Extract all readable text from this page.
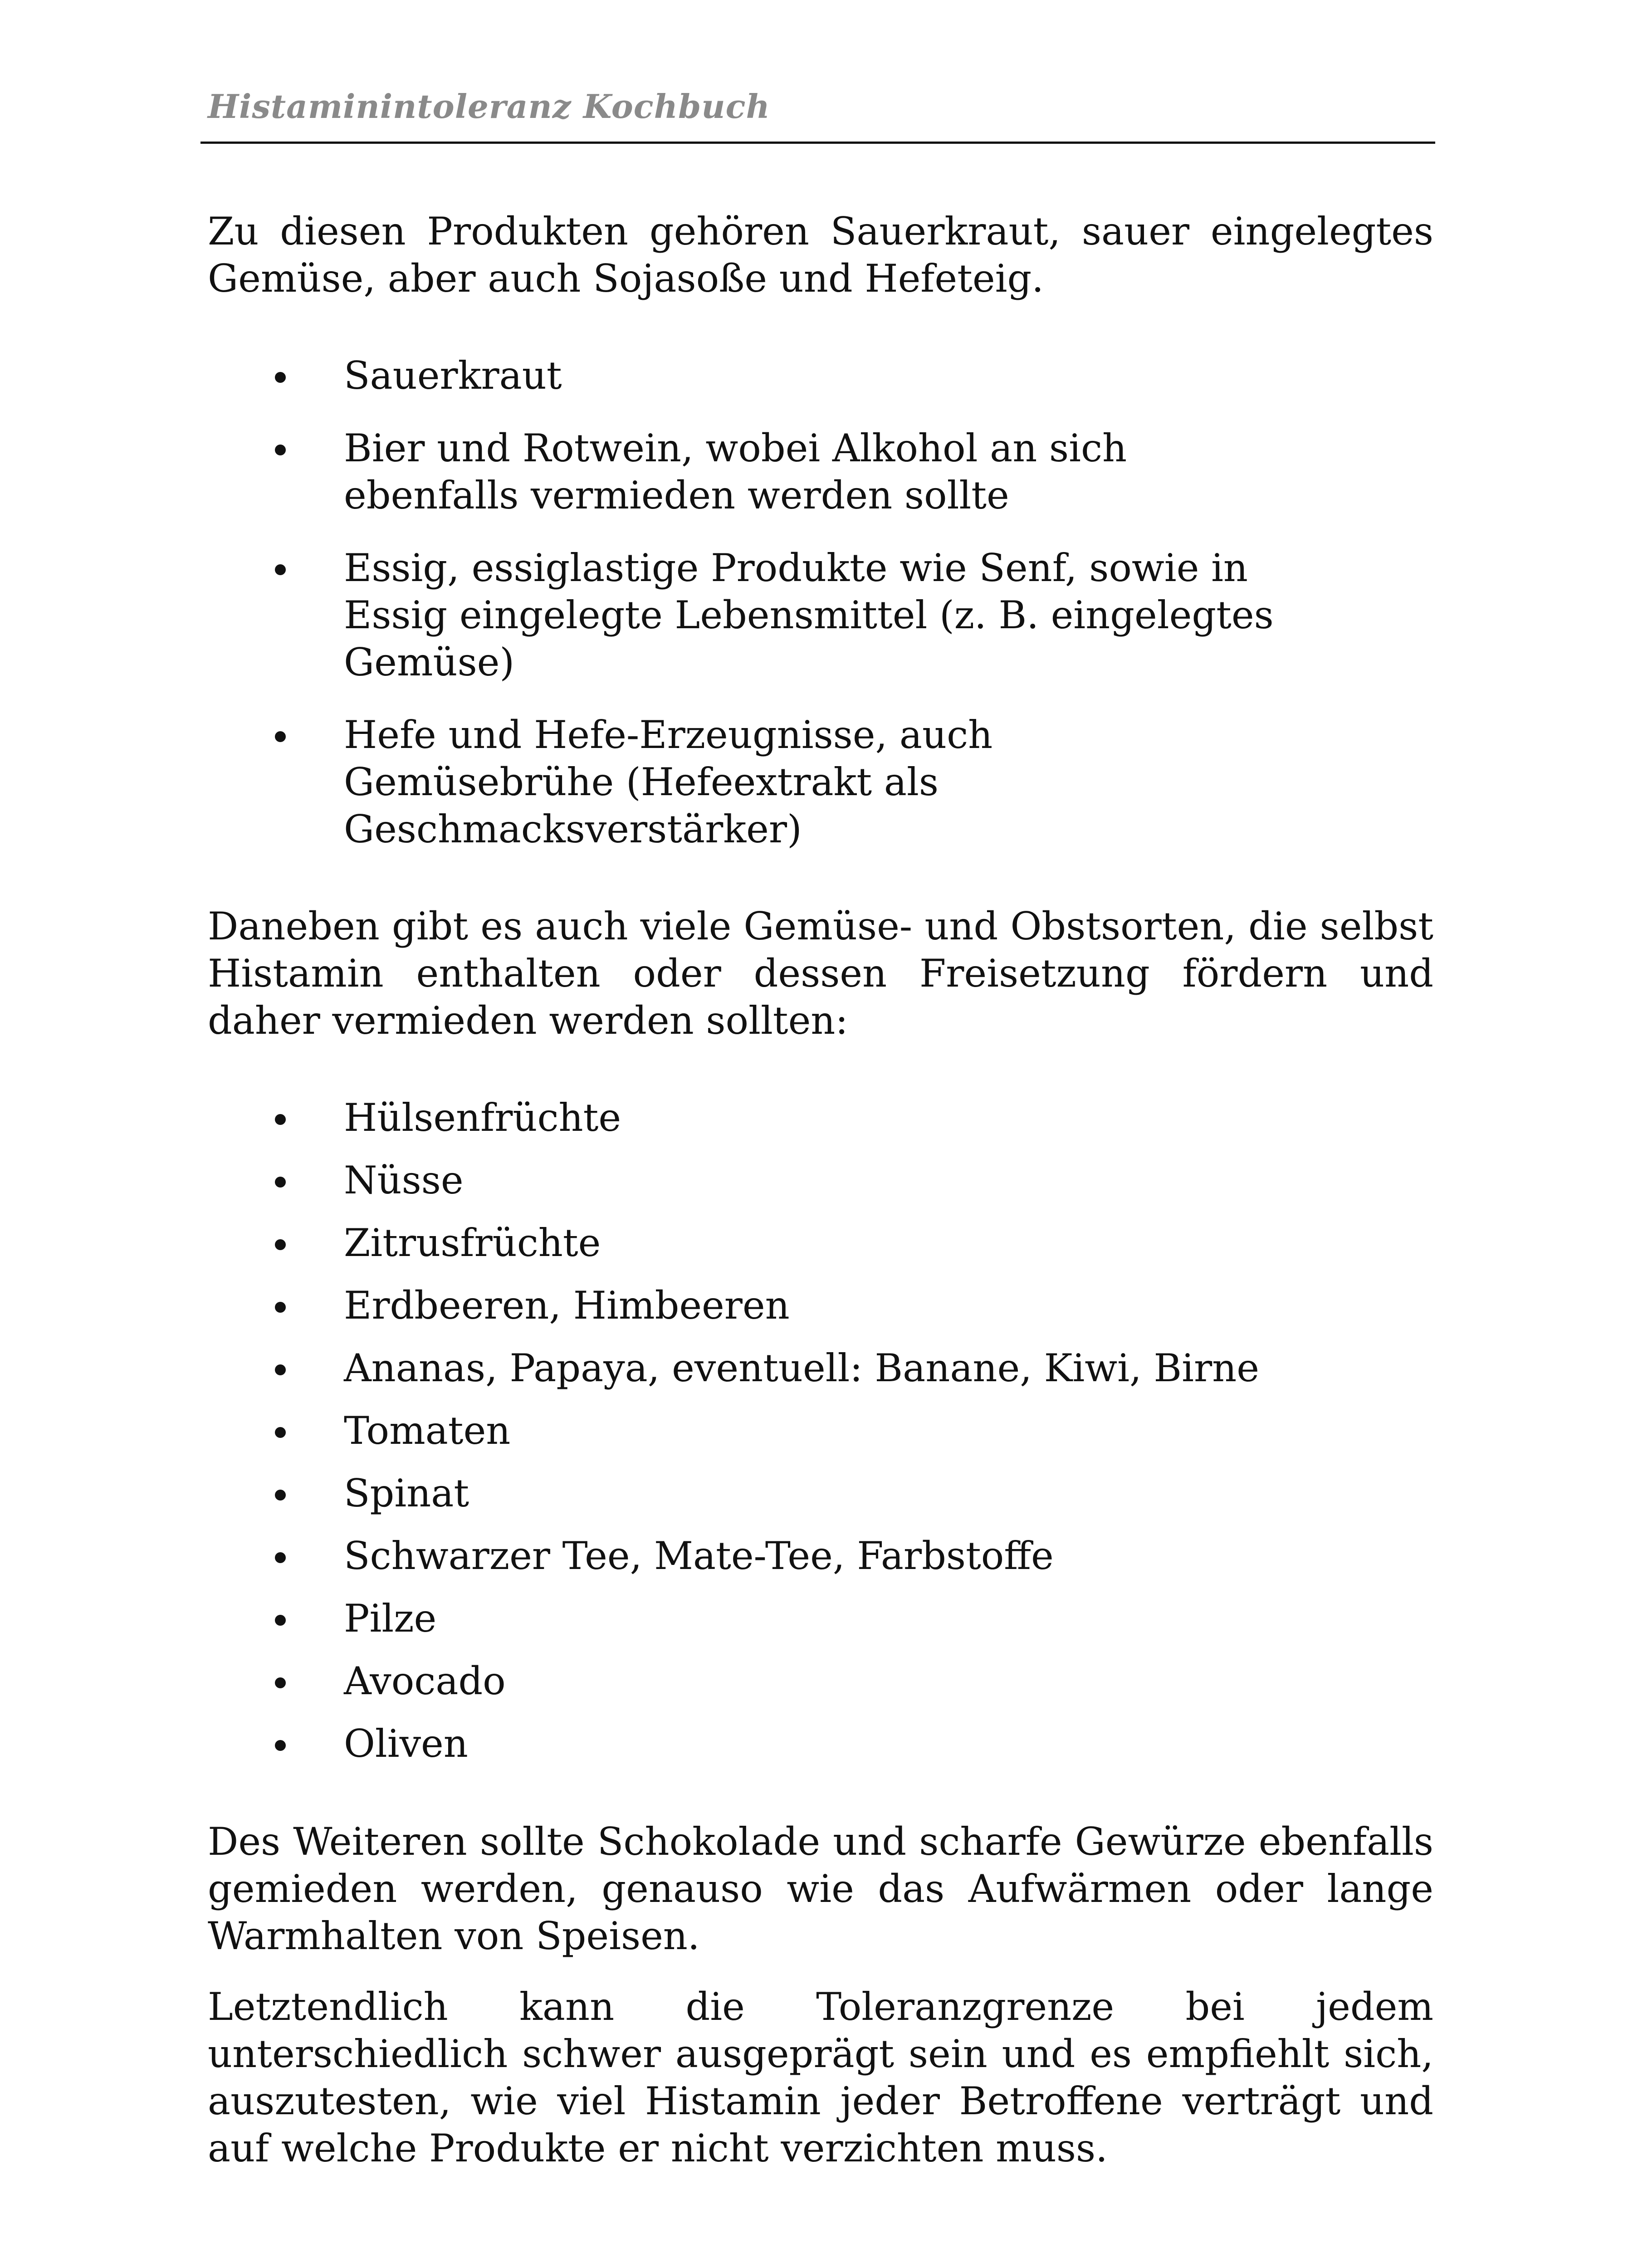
Histaminintoleranz Kochbuch

Zu diesen Produkten gehören Sauerkraut, sauer eingelegtes Gemüse, aber auch Sojasoße und Hefeteig.

Sauerkraut
Bier und Rotwein, wobei Alkohol an sich ebenfalls vermieden werden sollte
Essig, essiglastige Produkte wie Senf, sowie in Essig eingelegte Lebensmittel (z. B. eingelegtes Gemüse)
Hefe und Hefe-Erzeugnisse, auch Gemüsebrühe (Hefeextrakt als Geschmacksverstärker)

Daneben gibt es auch viele Gemüse- und Obstsorten, die selbst Histamin enthalten oder dessen Freisetzung fördern und daher vermieden werden sollten:

Hülsenfrüchte
Nüsse
Zitrusfrüchte
Erdbeeren, Himbeeren
Ananas, Papaya, eventuell: Banane, Kiwi, Birne
Tomaten
Spinat
Schwarzer Tee, Mate-Tee, Farbstoffe
Pilze
Avocado
Oliven

Des Weiteren sollte Schokolade und scharfe Gewürze ebenfalls gemieden werden, genauso wie das Aufwärmen oder lange Warmhalten von Speisen.

Letztendlich kann die Toleranzgrenze bei jedem unterschiedlich schwer ausgeprägt sein und es empfiehlt sich, auszutesten, wie viel Histamin jeder Betroffene verträgt und auf welche Produkte er nicht verzichten muss.
